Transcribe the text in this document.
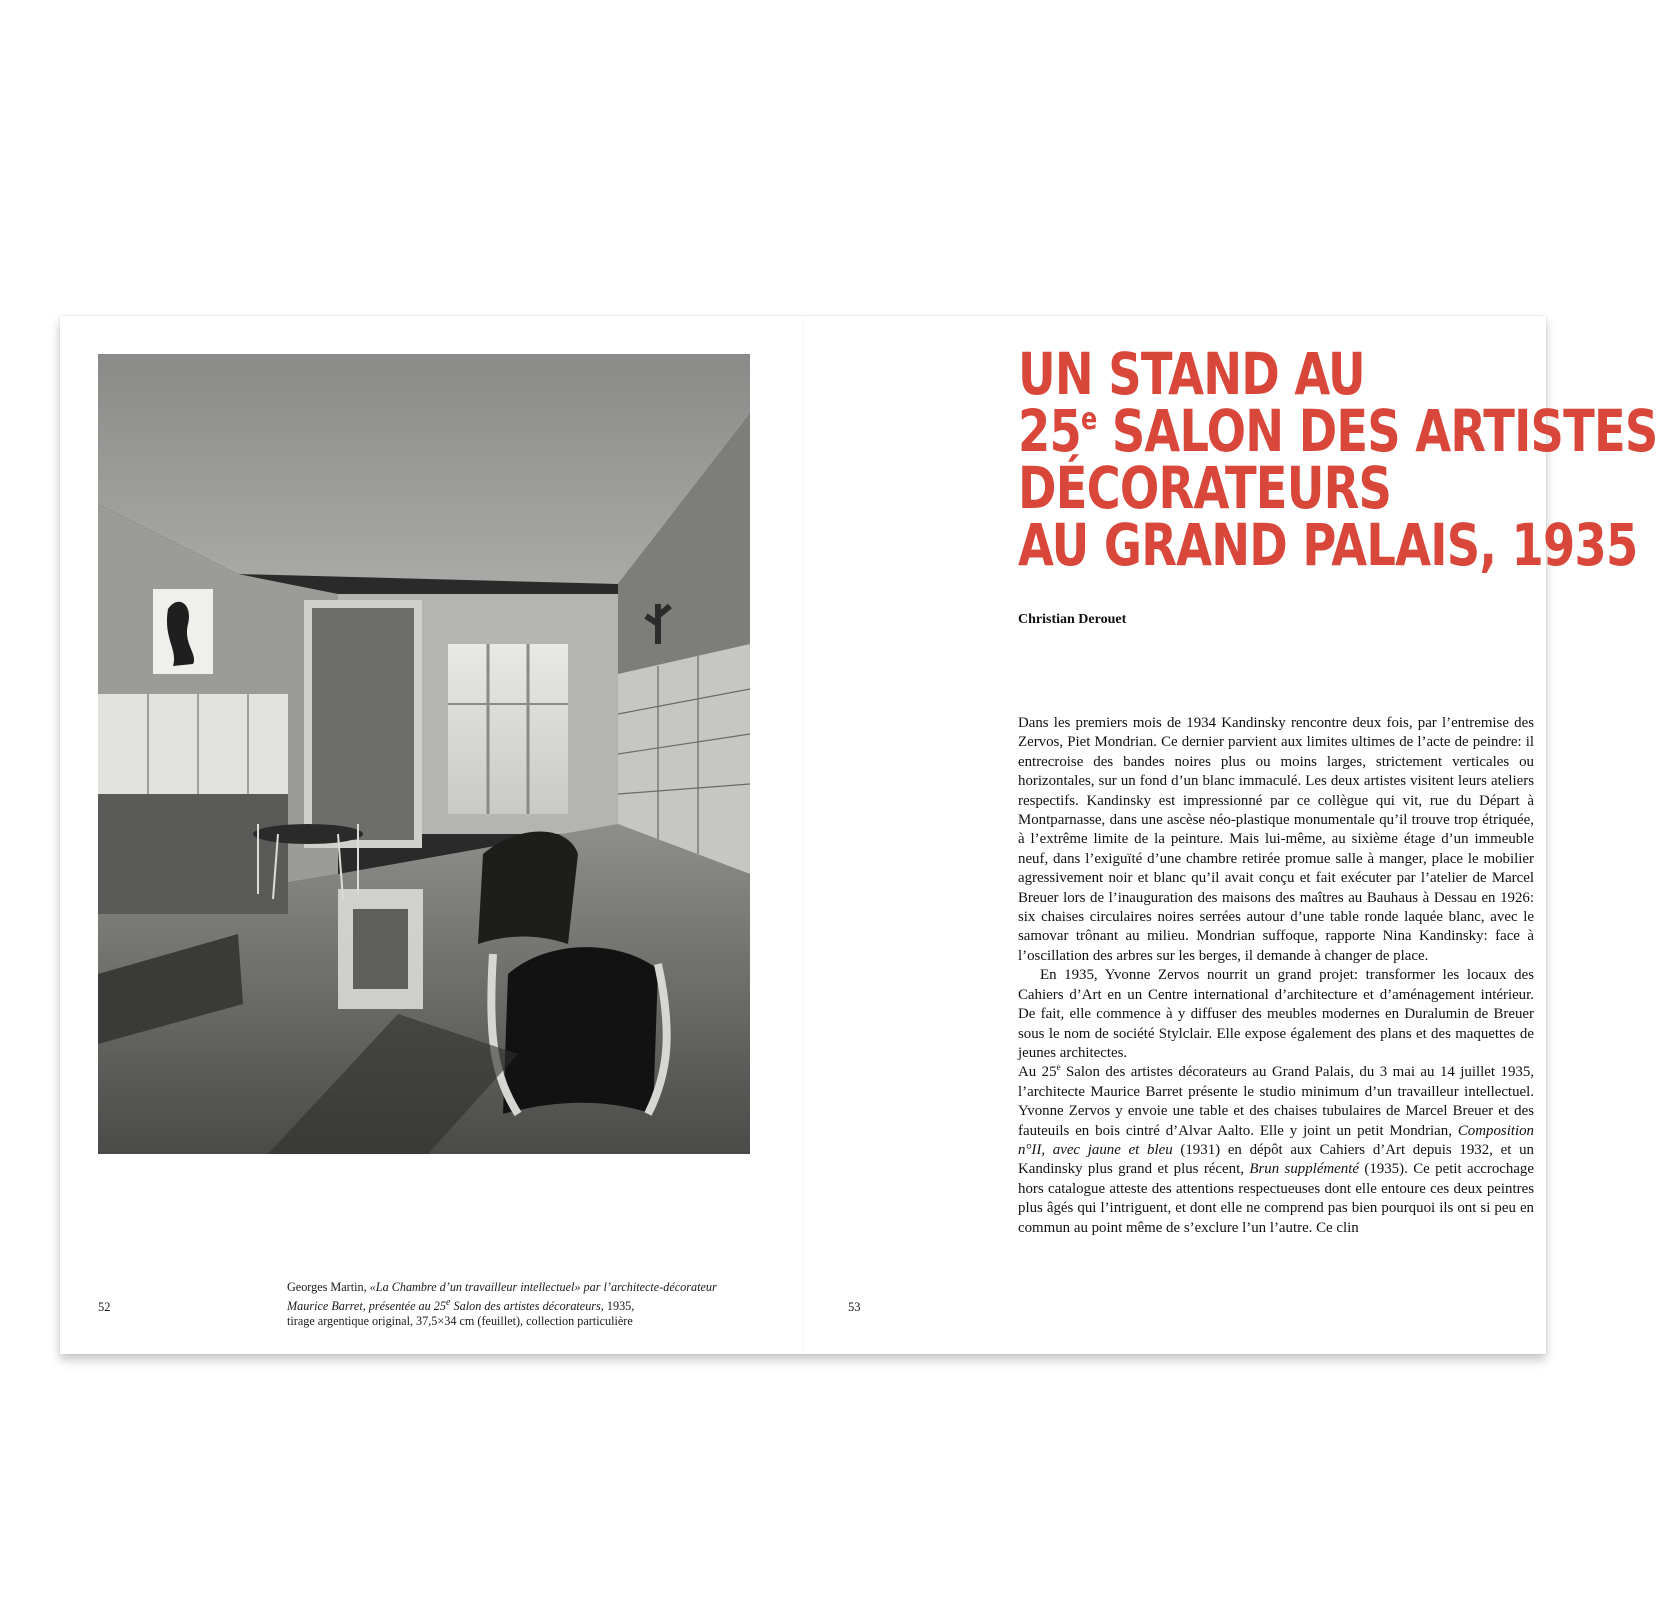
Georges Martin, «La Chambre d’un travailleur intellectuel» par l’architecte-décorateur
Maurice Barret, présentée au 25e Salon des artistes décorateurs, 1935,
tirage argentique original, 37,5×34 cm (feuillet), collection particulière
52	53
UN STAND AU
25e SALON DES ARTISTES
DÉCORATEURS
AU GRAND PALAIS, 1935
Christian Derouet

Dans les premiers mois de 1934 Kandinsky rencontre deux fois, par l’entremise des Zervos, Piet Mondrian. Ce dernier parvient aux limites ultimes de l’acte de peindre: il entrecroise des bandes noires plus ou moins larges, strictement verticales ou horizontales, sur un fond d’un blanc immaculé. Les deux artistes visitent leurs ateliers respectifs. Kandinsky est impressionné par ce collègue qui vit, rue du Départ à Montparnasse, dans une ascèse néo-plastique monumentale qu’il trouve trop étriquée, à l’extrême limite de la peinture. Mais lui-même, au sixième étage d’un immeuble neuf, dans l’exiguïté d’une chambre retirée promue salle à manger, place le mobilier agressivement noir et blanc qu’il avait conçu et fait exécuter par l’atelier de Marcel Breuer lors de l’inauguration des maisons des maîtres au Bauhaus à Dessau en 1926: six chaises circulaires noires serrées autour d’une table ronde laquée blanc, avec le samovar trônant au milieu. Mondrian suffoque, rapporte Nina Kandinsky: face à l’oscillation des arbres sur les berges, il demande à changer de place.

En 1935, Yvonne Zervos nourrit un grand projet: transformer les locaux des Cahiers d’Art en un Centre international d’architecture et d’aménagement intérieur. De fait, elle commence à y diffuser des meubles modernes en Duralumin de Breuer sous le nom de société Stylclair. Elle expose également des plans et des maquettes de jeunes architectes.

Au 25e Salon des artistes décorateurs au Grand Palais, du 3 mai au 14 juillet 1935, l’architecte Maurice Barret présente le studio minimum d’un travailleur intellectuel. Yvonne Zervos y envoie une table et des chaises tubulaires de Marcel Breuer et des fauteuils en bois cintré d’Alvar Aalto. Elle y joint un petit Mondrian, Composition n°II, avec jaune et bleu (1931) en dépôt aux Cahiers d’Art depuis 1932, et un Kandinsky plus grand et plus récent, Brun supplémenté (1935). Ce petit accrochage hors catalogue atteste des attentions respectueuses dont elle entoure ces deux peintres plus âgés qui l’intriguent, et dont elle ne comprend pas bien pourquoi ils ont si peu en commun au point même de s’exclure l’un l’autre. Ce clin
